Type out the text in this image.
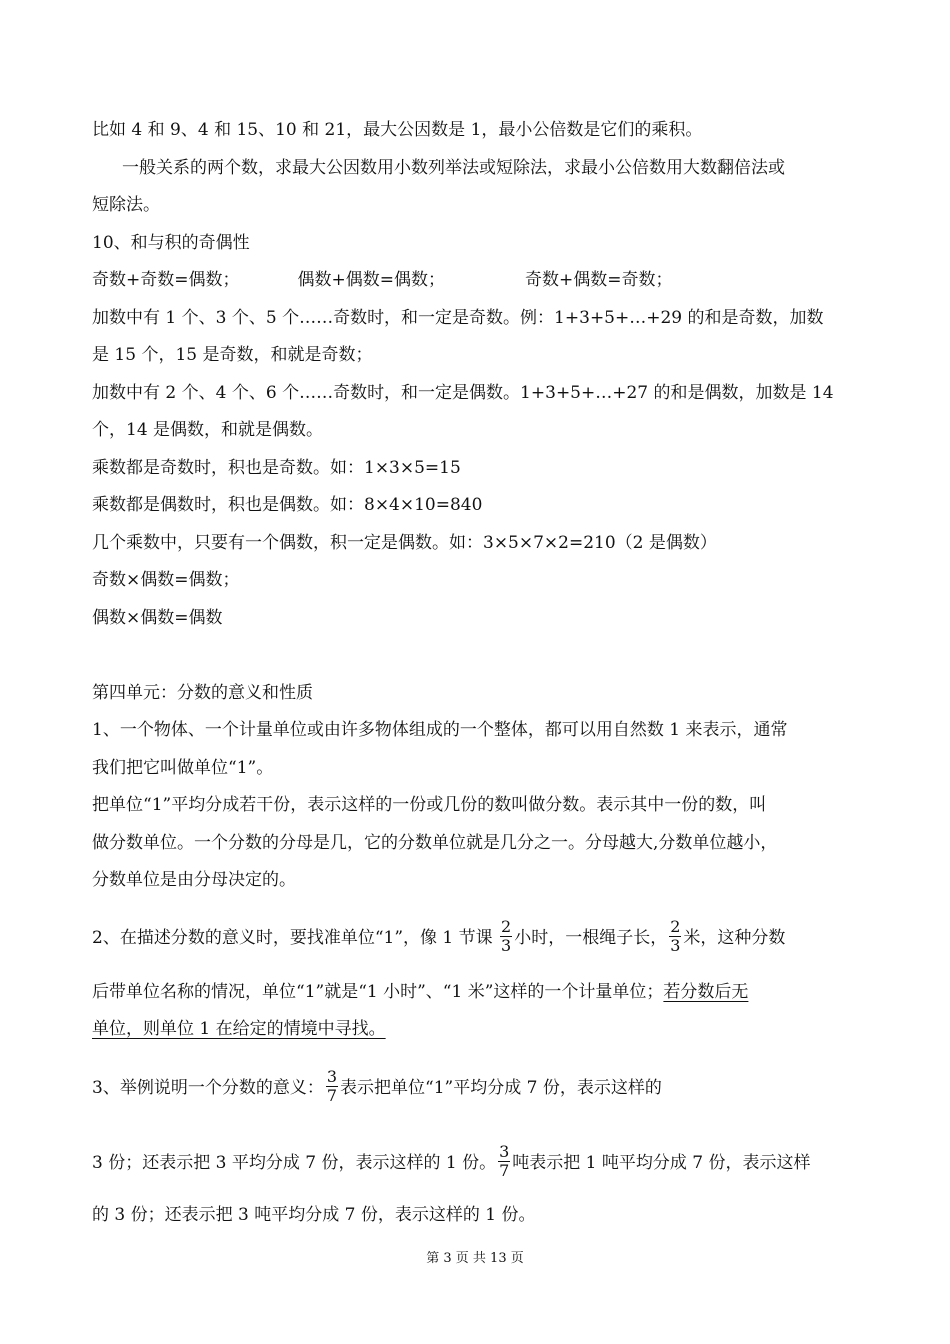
比如 4 和 9、4 和 15、10 和 21，最大公因数是 1，最小公倍数是它们的乘积。
一般关系的两个数，求最大公因数用小数列举法或短除法，求最小公倍数用大数翻倍法或
短除法。
10、和与积的奇偶性
奇数+奇数=偶数；	偶数+偶数=偶数；	奇数+偶数=奇数；
加数中有 1 个、3 个、5 个……奇数时，和一定是奇数。例：1+3+5+…+29 的和是奇数，加数
是 15 个，15 是奇数，和就是奇数；
加数中有 2 个、4 个、6 个……奇数时，和一定是偶数。1+3+5+…+27 的和是偶数，加数是 14
个，14 是偶数，和就是偶数。
乘数都是奇数时，积也是奇数。如：1×3×5=15
乘数都是偶数时，积也是偶数。如：8×4×10=840
几个乘数中，只要有一个偶数，积一定是偶数。如：3×5×7×2=210（2 是偶数）
奇数×偶数=偶数；
偶数×偶数=偶数
第四单元：分数的意义和性质
1、一个物体、一个计量单位或由许多物体组成的一个整体，都可以用自然数 1 来表示，通常
我们把它叫做单位“1”。
把单位“1”平均分成若干份，表示这样的一份或几份的数叫做分数。表示其中一份的数，叫
做分数单位。一个分数的分母是几，它的分数单位就是几分之一。分母越大,分数单位越小，
分数单位是由分母决定的。
2、在描述分数的意义时，要找准单位“1”，像 1 节课 $\frac{2}{3}$ 小时，一根绳子长， $\frac{2}{3}$ 米，这种分数
后带单位名称的情况，单位“1”就是“1 小时”、“1 米”这样的一个计量单位；若分数后无
单位，则单位 1 在给定的情境中寻找。
3、举例说明一个分数的意义： $\frac{3}{7}$ 表示把单位“1”平均分成 7 份，表示这样的
3 份；还表示把 3 平均分成 7 份，表示这样的 1 份。 $\frac{3}{7}$ 吨表示把 1 吨平均分成 7 份，表示这样
的 3 份；还表示把 3 吨平均分成 7 份，表示这样的 1 份。
第 3 页 共 13 页
